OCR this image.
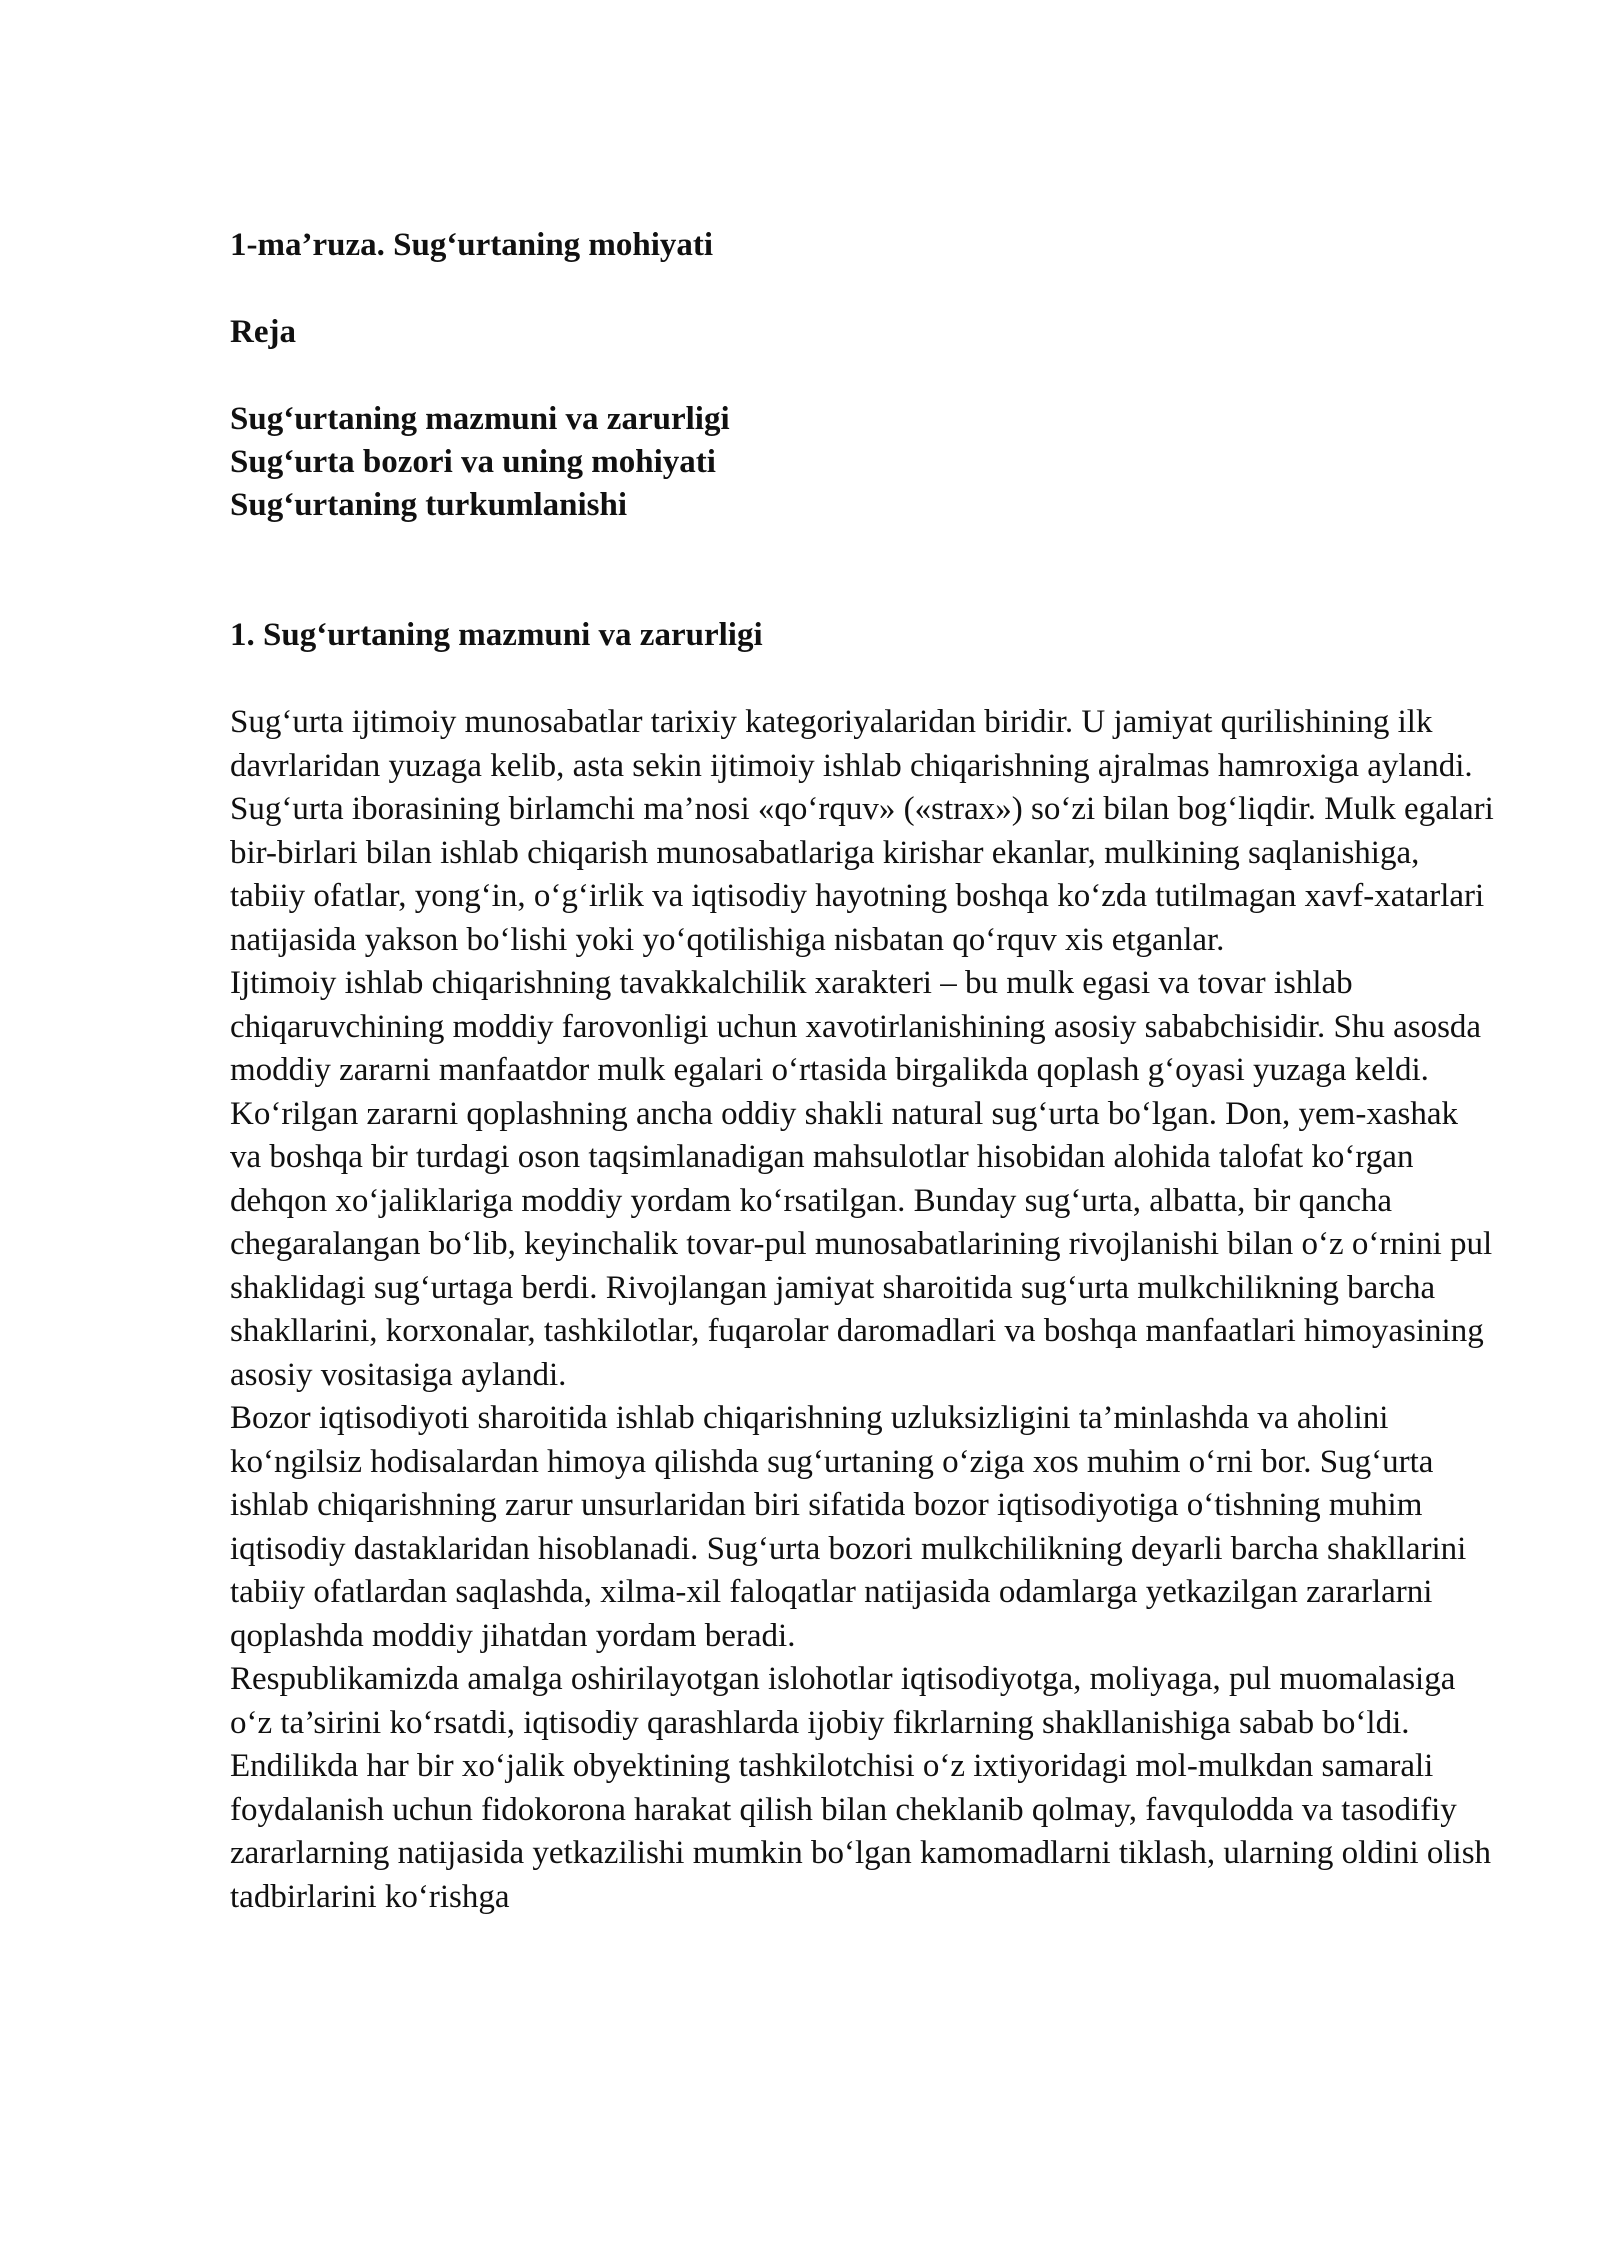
1-ma’ruza. Sug‘urtaning mohiyati
Reja
Sug‘urtaning mazmuni va zarurligi
Sug‘urta bozori va uning mohiyati
Sug‘urtaning turkumlanishi
1. Sug‘urtaning mazmuni va zarurligi

Sug‘urta ijtimoiy munosabatlar tarixiy kategoriyalaridan biridir. U jamiyat qurilishining ilk davrlaridan yuzaga kelib, asta sekin ijtimoiy ishlab chiqarishning ajralmas hamroxiga aylandi. Sug‘urta iborasining birlamchi ma’nosi «qo‘rquv» («strax») so‘zi bilan bog‘liqdir. Mulk egalari bir-birlari bilan ishlab chiqarish munosabatlariga kirishar ekanlar, mulkining saqlanishiga, tabiiy ofatlar, yong‘in, o‘g‘irlik va iqtisodiy hayotning boshqa ko‘zda tutilmagan xavf-xatarlari natijasida yakson bo‘lishi yoki yo‘qotilishiga nisbatan qo‘rquv xis etganlar.

Ijtimoiy ishlab chiqarishning tavakkalchilik xarakteri – bu mulk egasi va tovar ishlab chiqaruvchining moddiy farovonligi uchun xavotirlanishining asosiy sababchisidir. Shu asosda moddiy zararni manfaatdor mulk egalari o‘rtasida birgalikda qoplash g‘oyasi yuzaga keldi.

Ko‘rilgan zararni qoplashning ancha oddiy shakli natural sug‘urta bo‘lgan. Don, yem-xashak va boshqa bir turdagi oson taqsimlanadigan mahsulotlar hisobidan alohida talofat ko‘rgan dehqon xo‘jaliklariga moddiy yordam ko‘rsatilgan. Bunday sug‘urta, albatta, bir qancha chegaralangan bo‘lib, keyinchalik tovar-pul munosabatlarining rivojlanishi bilan o‘z o‘rnini pul shaklidagi sug‘urtaga berdi. Rivojlangan jamiyat sharoitida sug‘urta mulkchilikning barcha shakllarini, korxonalar, tashkilotlar, fuqarolar daromadlari va boshqa manfaatlari himoyasining asosiy vositasiga aylandi.

Bozor iqtisodiyoti sharoitida ishlab chiqarishning uzluksizligini ta’minlashda va aholini ko‘ngilsiz hodisalardan himoya qilishda sug‘urtaning o‘ziga xos muhim o‘rni bor. Sug‘urta ishlab chiqarishning zarur unsurlaridan biri sifatida bozor iqtisodiyotiga o‘tishning muhim iqtisodiy dastaklaridan hisoblanadi. Sug‘urta bozori mulkchilikning deyarli barcha shakllarini tabiiy ofatlardan saqlashda, xilma-xil faloqatlar natijasida odamlarga yetkazilgan zararlarni qoplashda moddiy jihatdan yordam beradi.

Respublikamizda amalga oshirilayotgan islohotlar iqtisodiyotga, moliyaga, pul muomalasiga o‘z ta’sirini ko‘rsatdi, iqtisodiy qarashlarda ijobiy fikrlarning shakllanishiga sabab bo‘ldi. Endilikda har bir xo‘jalik obyektining tashkilotchisi o‘z ixtiyoridagi mol-mulkdan samarali foydalanish uchun fidokorona harakat qilish bilan cheklanib qolmay, favqulodda va tasodifiy zararlarning natijasida yetkazilishi mumkin bo‘lgan kamomadlarni tiklash, ularning oldini olish tadbirlarini ko‘rishga
